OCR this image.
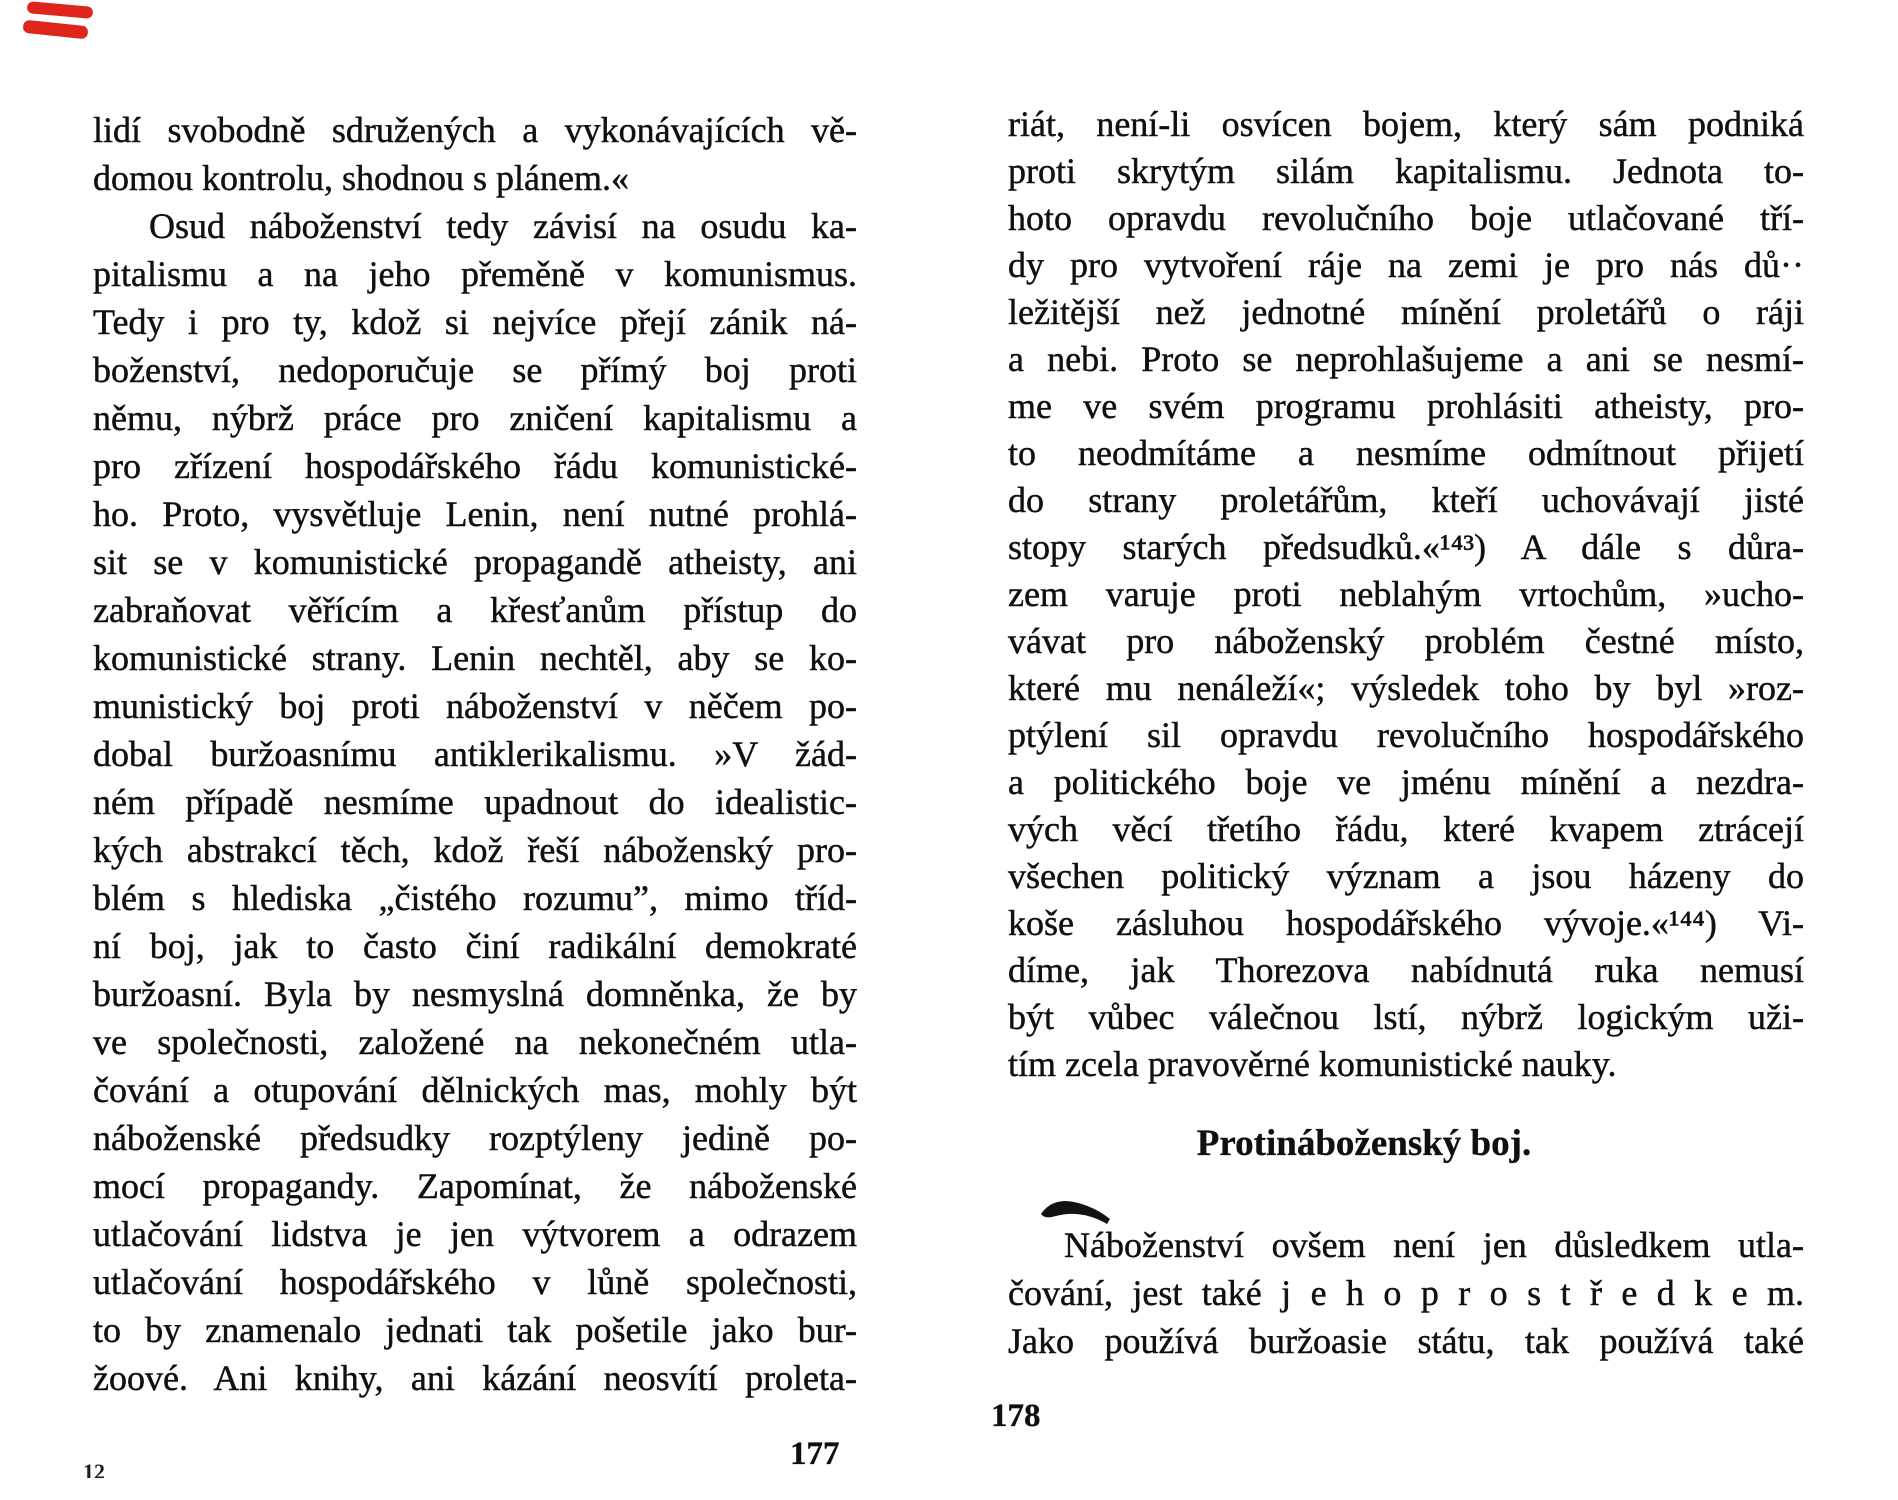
lidí svobodně sdružených a vykonávajících vě-
domou kontrolu, shodnou s plánem.«
Osud náboženství tedy závisí na osudu ka-
pitalismu a na jeho přeměně v komunismus.
Tedy i pro ty, kdož si nejvíce přejí zánik ná-
boženství, nedoporučuje se přímý boj proti
němu, nýbrž práce pro zničení kapitalismu a
pro zřízení hospodářského řádu komunistické-
ho. Proto, vysvětluje Lenin, není nutné prohlá-
sit se v komunistické propagandě atheisty, ani
zabraňovat věřícím a křesťanům přístup do
komunistické strany. Lenin nechtěl, aby se ko-
munistický boj proti náboženství v něčem po-
dobal buržoasnímu antiklerikalismu. »V žád-
ném případě nesmíme upadnout do idealistic-
kých abstrakcí těch, kdož řeší náboženský pro-
blém s hlediska „čistého rozumu”, mimo tříd-
ní boj, jak to často činí radikální demokraté
buržoasní. Byla by nesmyslná domněnka, že by
ve společnosti, založené na nekonečném utla-
čování a otupování dělnických mas, mohly být
náboženské předsudky rozptýleny jedině po-
mocí propagandy. Zapomínat, že náboženské
utlačování lidstva je jen výtvorem a odrazem
utlačování hospodářského v lůně společnosti,
to by znamenalo jednati tak pošetile jako bur-
žoové. Ani knihy, ani kázání neosvítí proleta-
177
12
riát, není-li osvícen bojem, který sám podniká
proti skrytým silám kapitalismu. Jednota to-
hoto opravdu revolučního boje utlačované tří-
dy pro vytvoření ráje na zemi je pro nás dů··
ležitější než jednotné mínění proletářů o ráji
a nebi. Proto se neprohlašujeme a ani se nesmí-
me ve svém programu prohlásiti atheisty, pro-
to neodmítáme a nesmíme odmítnout přijetí
do strany proletářům, kteří uchovávají jisté
stopy starých předsudků.«¹⁴³) A dále s důra-
zem varuje proti neblahým vrtochům, »ucho-
vávat pro náboženský problém čestné místo,
které mu nenáleží«; výsledek toho by byl »roz-
ptýlení sil opravdu revolučního hospodářského
a politického boje ve jménu mínění a nezdra-
vých věcí třetího řádu, které kvapem ztrácejí
všechen politický význam a jsou házeny do
koše zásluhou hospodářského vývoje.«¹⁴⁴) Vi-
díme, jak Thorezova nabídnutá ruka nemusí
být vůbec válečnou lstí, nýbrž logickým uži-
tím zcela pravověrné komunistické nauky.
Protináboženský boj.
Náboženství ovšem není jen důsledkem utla-
čování, jest také j e h o p r o s t ř e d k e m.
Jako používá buržoasie státu, tak používá také
178
